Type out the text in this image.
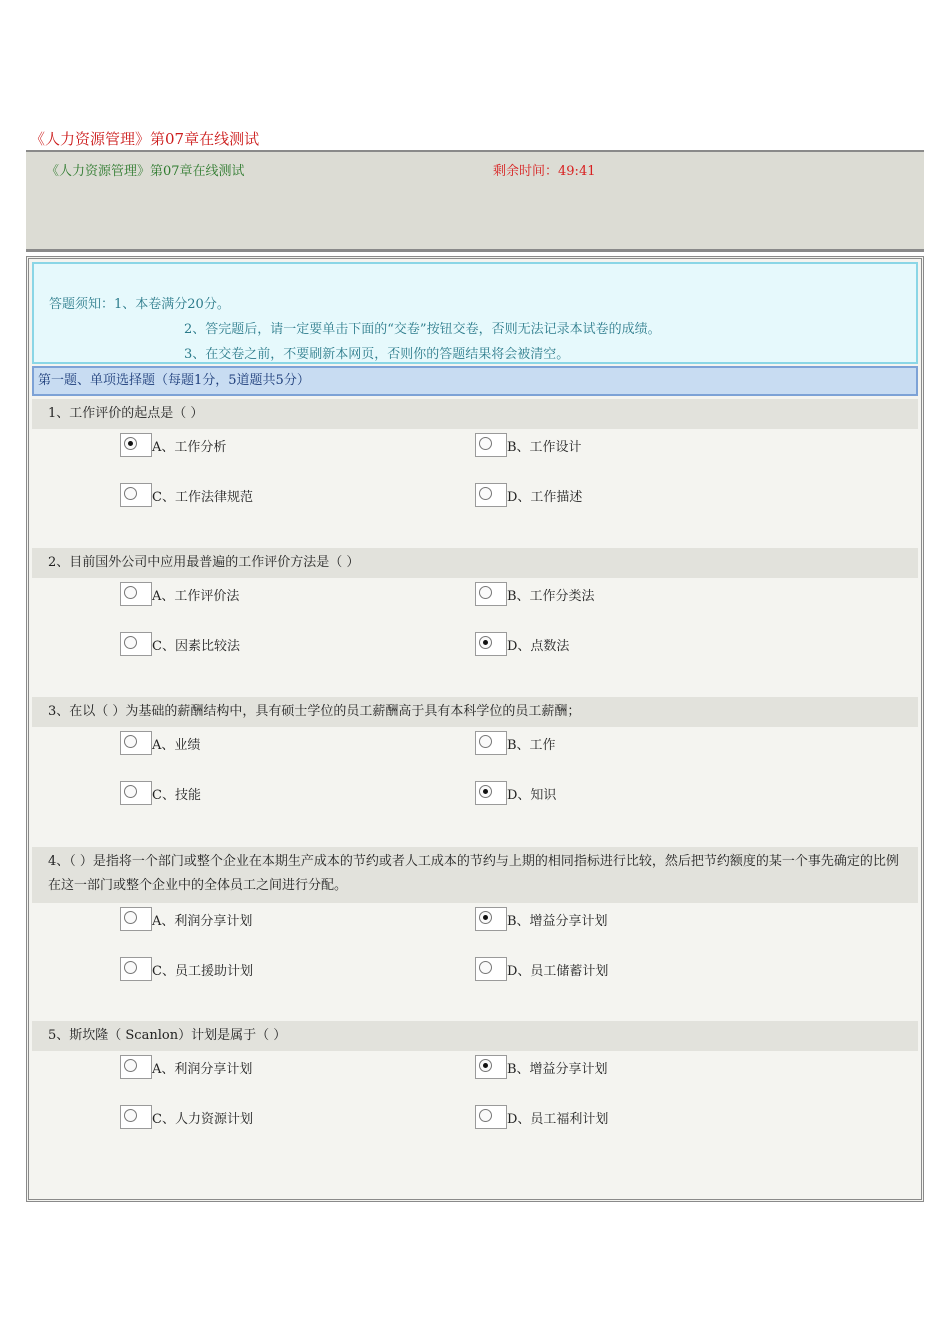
《人力资源管理》第07章在线测试
《人力资源管理》第07章在线测试	剩余时间：49:41
答题须知：1、本卷满分20分。
2、答完题后，请一定要单击下面的“交卷”按钮交卷，否则无法记录本试卷的成绩。
3、在交卷之前，不要刷新本网页，否则你的答题结果将会被清空。
第一题、单项选择题（每题1分，5道题共5分）
1、工作评价的起点是（ ）
A、工作分析	B、工作设计
C、工作法律规范	D、工作描述
2、目前国外公司中应用最普遍的工作评价方法是（ ）
A、工作评价法	B、工作分类法
C、因素比较法	D、点数法
3、在以（ ）为基础的薪酬结构中，具有硕士学位的员工薪酬高于具有本科学位的员工薪酬；
A、业绩	B、工作
C、技能	D、知识
4、（ ）是指将一个部门或整个企业在本期生产成本的节约或者人工成本的节约与上期的相同指标进行比较，然后把节约额度的某一个事先确定的比例在这一部门或整个企业中的全体员工之间进行分配。
A、利润分享计划	B、增益分享计划
C、员工援助计划	D、员工储蓄计划
5、斯坎隆（ Scanlon）计划是属于（ ）
A、利润分享计划	B、增益分享计划
C、人力资源计划	D、员工福利计划
